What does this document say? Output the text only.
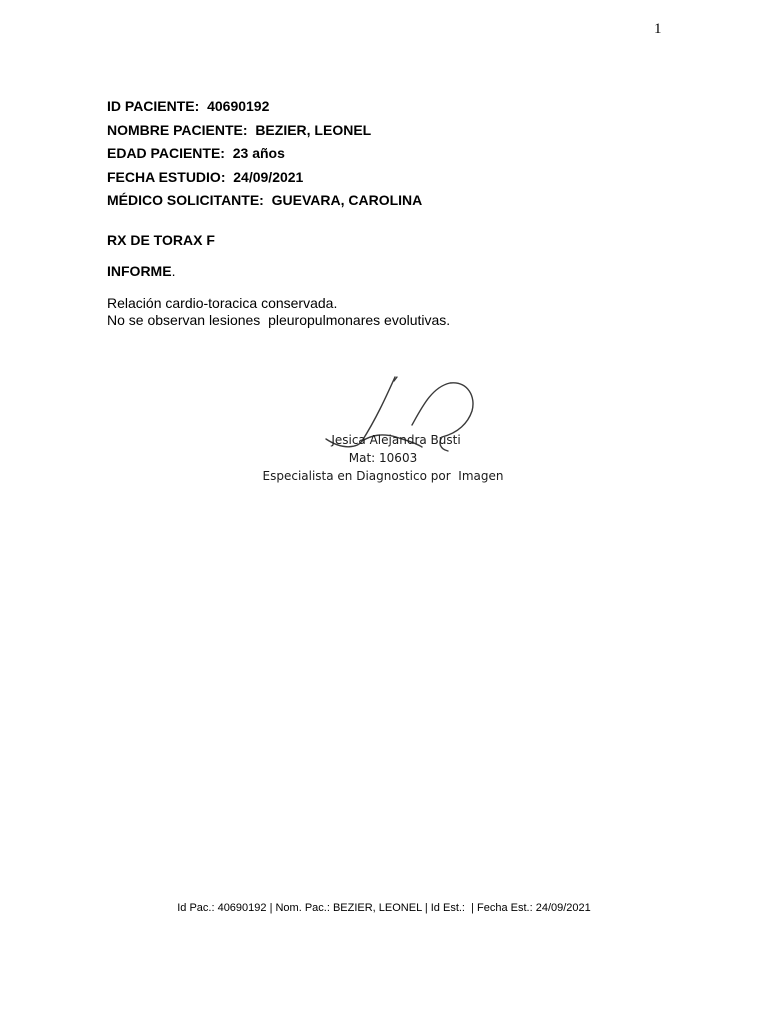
1
ID PACIENTE: 40690192
NOMBRE PACIENTE: BEZIER, LEONEL
EDAD PACIENTE: 23 años
FECHA ESTUDIO: 24/09/2021
MÉDICO SOLICITANTE: GUEVARA, CAROLINA
RX DE TORAX F
INFORME.
Relación cardio-toracica conservada.
No se observan lesiones  pleuropulmonares evolutivas.
Jesica Alejandra Busti
Mat: 10603
Especialista en Diagnostico por  Imagen
Id Pac.: 40690192 | Nom. Pac.: BEZIER, LEONEL | Id Est.:  | Fecha Est.: 24/09/2021
